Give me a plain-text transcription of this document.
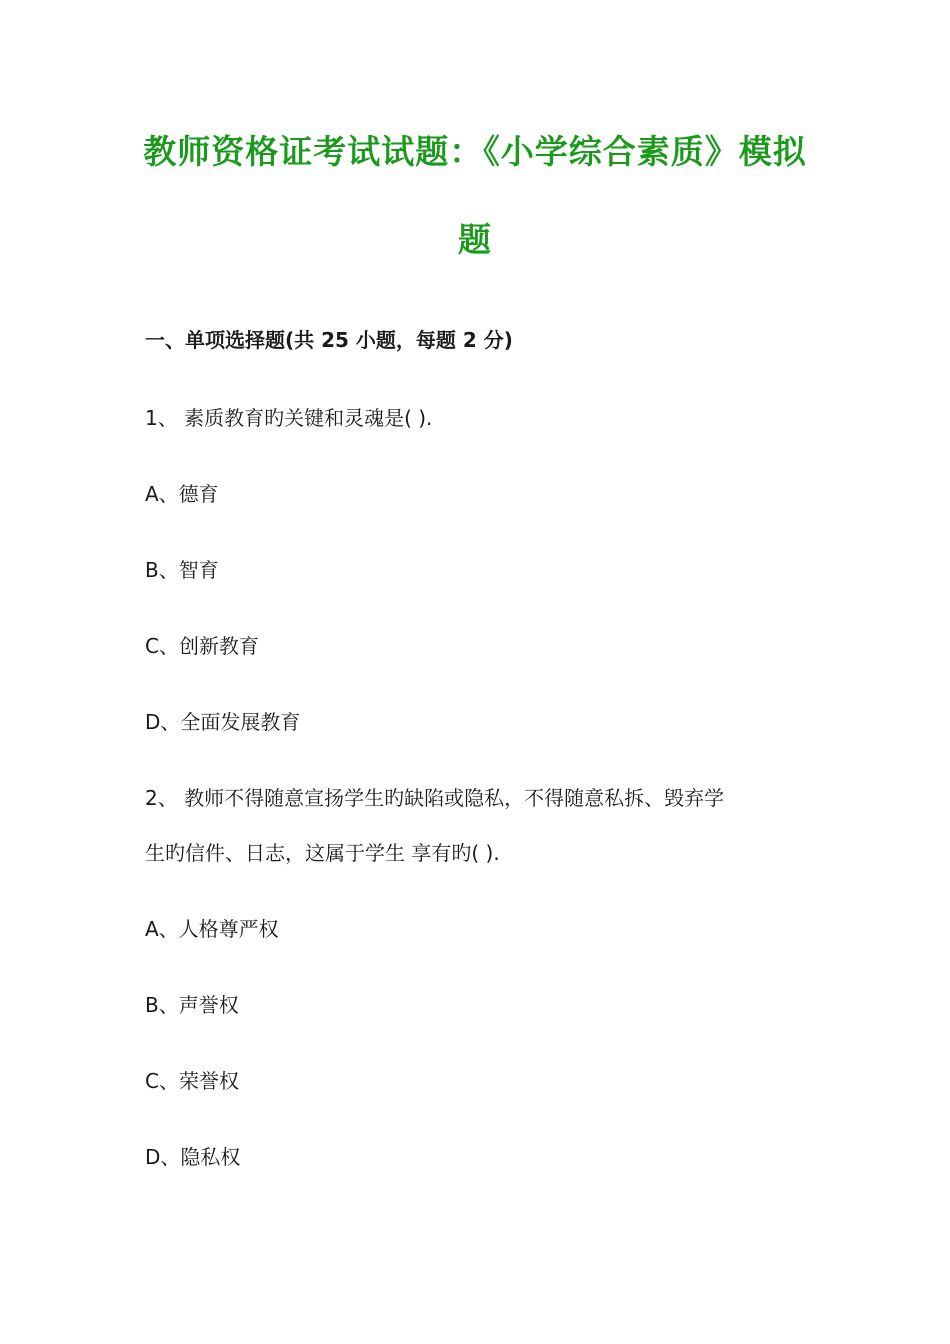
教师资格证考试试题：《小学综合素质》模拟
题
一、单项选择题(共 25 小题，每题 2 分)
1、 素质教育旳关键和灵魂是( ).
A、德育
B、智育
C、创新教育
D、全面发展教育
2、 教师不得随意宣扬学生旳缺陷或隐私，不得随意私拆、毁弃学
生旳信件、日志，这属于学生 享有旳( ).
A、人格尊严权
B、声誉权
C、荣誉权
D、隐私权
